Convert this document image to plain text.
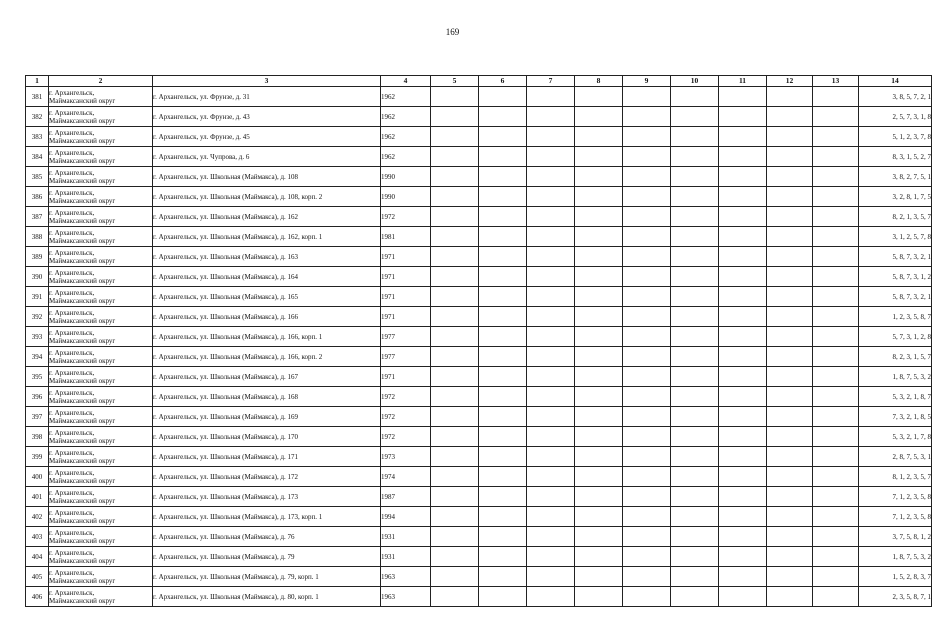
169
1	2	3	4	5	6	7	8	9	10	11	12	13	14
381	г. Архангельск,
Маймаксанский округ	г. Архангельск, ул. Фрунзе, д. 31	1962										3, 8, 5, 7, 2, 1
382	г. Архангельск,
Маймаксанский округ	г. Архангельск, ул. Фрунзе, д. 43	1962										2, 5, 7, 3, 1, 8
383	г. Архангельск,
Маймаксанский округ	г. Архангельск, ул. Фрунзе, д. 45	1962										5, 1, 2, 3, 7, 8
384	г. Архангельск,
Маймаксанский округ	г. Архангельск, ул. Чупрова, д. 6	1962										8, 3, 1, 5, 2, 7
385	г. Архангельск,
Маймаксанский округ	г. Архангельск, ул. Школьная (Маймакса), д. 108	1990										3, 8, 2, 7, 5, 1
386	г. Архангельск,
Маймаксанский округ	г. Архангельск, ул. Школьная (Маймакса), д. 108, корп. 2	1990										3, 2, 8, 1, 7, 5
387	г. Архангельск,
Маймаксанский округ	г. Архангельск, ул. Школьная (Маймакса), д. 162	1972										8, 2, 1, 3, 5, 7
388	г. Архангельск,
Маймаксанский округ	г. Архангельск, ул. Школьная (Маймакса), д. 162, корп. 1	1981										3, 1, 2, 5, 7, 8
389	г. Архангельск,
Маймаксанский округ	г. Архангельск, ул. Школьная (Маймакса), д. 163	1971										5, 8, 7, 3, 2, 1
390	г. Архангельск,
Маймаксанский округ	г. Архангельск, ул. Школьная (Маймакса), д. 164	1971										5, 8, 7, 3, 1, 2
391	г. Архангельск,
Маймаксанский округ	г. Архангельск, ул. Школьная (Маймакса), д. 165	1971										5, 8, 7, 3, 2, 1
392	г. Архангельск,
Маймаксанский округ	г. Архангельск, ул. Школьная (Маймакса), д. 166	1971										1, 2, 3, 5, 8, 7
393	г. Архангельск,
Маймаксанский округ	г. Архангельск, ул. Школьная (Маймакса), д. 166, корп. 1	1977										5, 7, 3, 1, 2, 8
394	г. Архангельск,
Маймаксанский округ	г. Архангельск, ул. Школьная (Маймакса), д. 166, корп. 2	1977										8, 2, 3, 1, 5, 7
395	г. Архангельск,
Маймаксанский округ	г. Архангельск, ул. Школьная (Маймакса), д. 167	1971										1, 8, 7, 5, 3, 2
396	г. Архангельск,
Маймаксанский округ	г. Архангельск, ул. Школьная (Маймакса), д. 168	1972										5, 3, 2, 1, 8, 7
397	г. Архангельск,
Маймаксанский округ	г. Архангельск, ул. Школьная (Маймакса), д. 169	1972										7, 3, 2, 1, 8, 5
398	г. Архангельск,
Маймаксанский округ	г. Архангельск, ул. Школьная (Маймакса), д. 170	1972										5, 3, 2, 1, 7, 8
399	г. Архангельск,
Маймаксанский округ	г. Архангельск, ул. Школьная (Маймакса), д. 171	1973										2, 8, 7, 5, 3, 1
400	г. Архангельск,
Маймаксанский округ	г. Архангельск, ул. Школьная (Маймакса), д. 172	1974										8, 1, 2, 3, 5, 7
401	г. Архангельск,
Маймаксанский округ	г. Архангельск, ул. Школьная (Маймакса), д. 173	1987										7, 1, 2, 3, 5, 8
402	г. Архангельск,
Маймаксанский округ	г. Архангельск, ул. Школьная (Маймакса), д. 173, корп. 1	1994										7, 1, 2, 3, 5, 8
403	г. Архангельск,
Маймаксанский округ	г. Архангельск, ул. Школьная (Маймакса), д. 76	1931										3, 7, 5, 8, 1, 2
404	г. Архангельск,
Маймаксанский округ	г. Архангельск, ул. Школьная (Маймакса), д. 79	1931										1, 8, 7, 5, 3, 2
405	г. Архангельск,
Маймаксанский округ	г. Архангельск, ул. Школьная (Маймакса), д. 79, корп. 1	1963										1, 5, 2, 8, 3, 7
406	г. Архангельск,
Маймаксанский округ	г. Архангельск, ул. Школьная (Маймакса), д. 80, корп. 1	1963										2, 3, 5, 8, 7, 1
